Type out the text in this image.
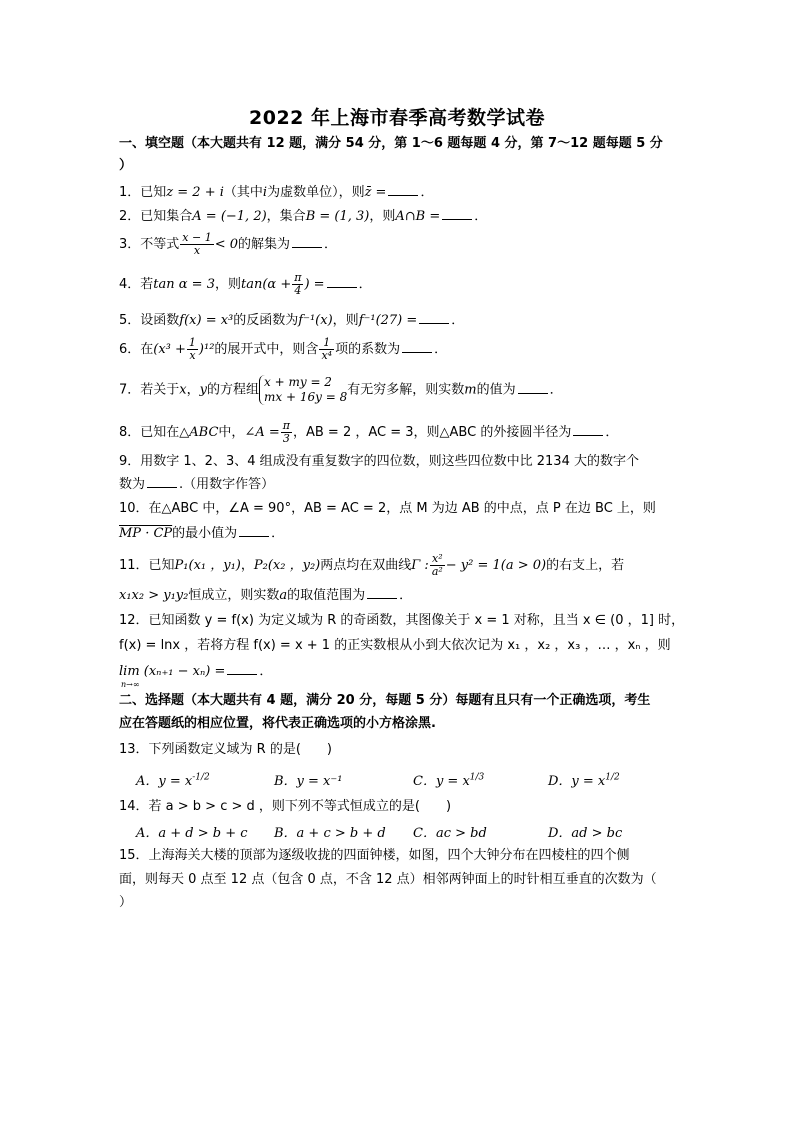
2022 年上海市春季高考数学试卷
一、填空题（本大题共有 12 题，满分 54 分，第 1～6 题每题 4 分，第 7～12 题每题 5 分
）
1．已知z = 2 + i（其中i为虚数单位），则z̄ =	．
2．已知集合A = (−1, 2)，集合B = (1, 3)，则A∩B =	．
3．不等式 $\frac{x - 1}{x} < 0$的解集为	．
4．若tan α = 3，则$\tan(\alpha + \frac{\pi}{4}$ ) =	．
5．设函数f(x) = x³的反函数为f⁻¹(x)，则f⁻¹(27) =	．
6．在$(x^3 + \frac{1}{x} )^{12}$的展开式中，则含 $\frac{1}{\text{x⁴}}$ 项的系数为	．
7．若关于x，y的方程组
x + my = 2
mx + 16y = 8 有无穷多解，则实数m的值为	．
8．已知在△ABC中，∠A = $\frac{\pi}{3}$ ，AB = 2 ，AC = 3，则△ABC 的外接圆半径为	．
9．用数字 1、2、3、4 组成没有重复数字的四位数，则这些四位数中比 2134 大的数字个
数为	.（用数字作答）
10．在△ABC 中，∠A = 90°，AB = AC = 2，点 M 为边 AB 的中点，点 P 在边 BC 上，则
MP · CP的最小值为	．
11．已知P₁(x₁ ，y₁)，P₂(x₂ ，y₂)两点均在双曲线Γ : $\frac{\text{x²}}{\text{a²}} - y^2 = 1(a > 0)$的右支上，若
x₁x₂ > y₁y₂恒成立，则实数a的取值范围为	．
12．已知函数 y = f(x) 为定义域为 R 的奇函数，其图像关于 x = 1 对称，且当 x ∈ (0 ，1] 时，
f(x) = lnx ，若将方程 f(x) = x + 1 的正实数根从小到大依次记为 x₁ ，x₂ ，x₃ ，… ，xₙ ，则
lim (xₙ₊₁ − xₙ) =	．
n→∞
二、选择题（本大题共有 4 题，满分 20 分，每题 5 分）每题有且只有一个正确选项，考生
应在答题纸的相应位置，将代表正确选项的小方格涂黑.
13．下列函数定义域为 R 的是(　　)
A．$y = x^{-1/2}$	B．y = x⁻¹	C．$y = x^{1/3}$	D．$y = x^{1/2}$
14．若 a > b > c > d ，则下列不等式恒成立的是(　　)
A．a + d > b + c B．a + c > b + d C．ac > bd	D．ad > bc
15．上海海关大楼的顶部为逐级收拢的四面钟楼，如图，四个大钟分布在四棱柱的四个侧
面，则每天 0 点至 12 点（包含 0 点，不含 12 点）相邻两钟面上的时针相互垂直的次数为（
）
